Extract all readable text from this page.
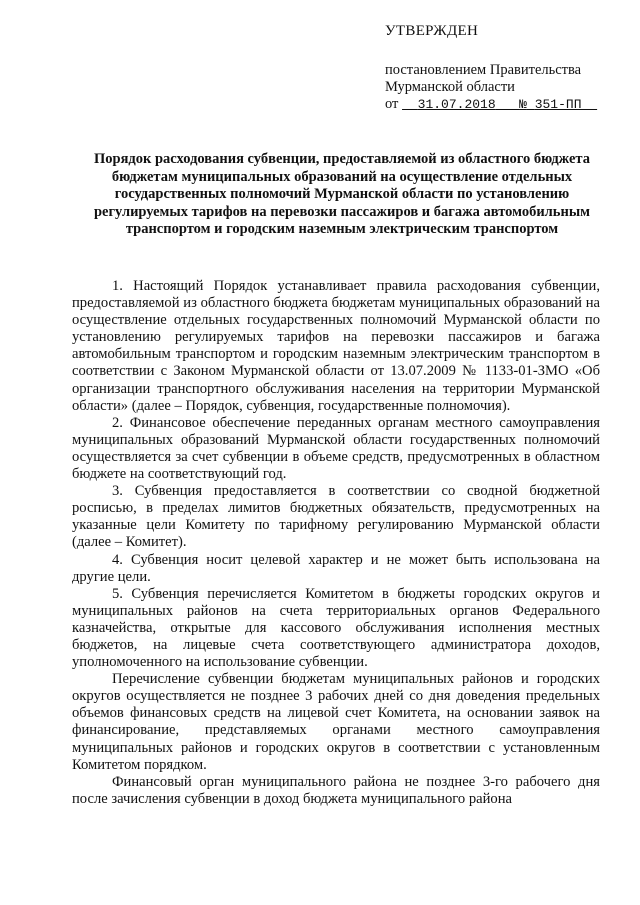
УТВЕРЖДЕН
постановлением Правительства
Мурманской области
от 31.07.2018 № 351-ПП
Порядок расходования субвенции, предоставляемой из областного бюджета бюджетам муниципальных образований на осуществление отдельных государственных полномочий Мурманской области по установлению регулируемых тарифов на перевозки пассажиров и багажа автомобильным транспортом и городским наземным электрическим транспортом

1. Настоящий Порядок устанавливает правила расходования субвенции, предоставляемой из областного бюджета бюджетам муниципальных образований на осуществление отдельных государственных полномочий Мурманской области по установлению регулируемых тарифов на перевозки пассажиров и багажа автомобильным транспортом и городским наземным электрическим транспортом в соответствии с Законом Мурманской области от 13.07.2009 № 1133-01-ЗМО «Об организации транспортного обслуживания населения на территории Мурманской области» (далее – Порядок, субвенция, государственные полномочия).

2. Финансовое обеспечение переданных органам местного самоуправления муниципальных образований Мурманской области государственных полномочий осуществляется за счет субвенции в объеме средств, предусмотренных в областном бюджете на соответствующий год.

3. Субвенция предоставляется в соответствии со сводной бюджетной росписью, в пределах лимитов бюджетных обязательств, предусмотренных на указанные цели Комитету по тарифному регулированию Мурманской области (далее – Комитет).

4. Субвенция носит целевой характер и не может быть использована на другие цели.

5. Субвенция перечисляется Комитетом в бюджеты городских округов и муниципальных районов на счета территориальных органов Федерального казначейства, открытые для кассового обслуживания исполнения местных бюджетов, на лицевые счета соответствующего администратора доходов, уполномоченного на использование субвенции.

Перечисление субвенции бюджетам муниципальных районов и городских округов осуществляется не позднее 3 рабочих дней со дня доведения предельных объемов финансовых средств на лицевой счет Комитета, на основании заявок на финансирование, представляемых органами местного самоуправления муниципальных районов и городских округов в соответствии с установленным Комитетом порядком.

Финансовый орган муниципального района не позднее 3-го рабочего дня после зачисления субвенции в доход бюджета муниципального района
